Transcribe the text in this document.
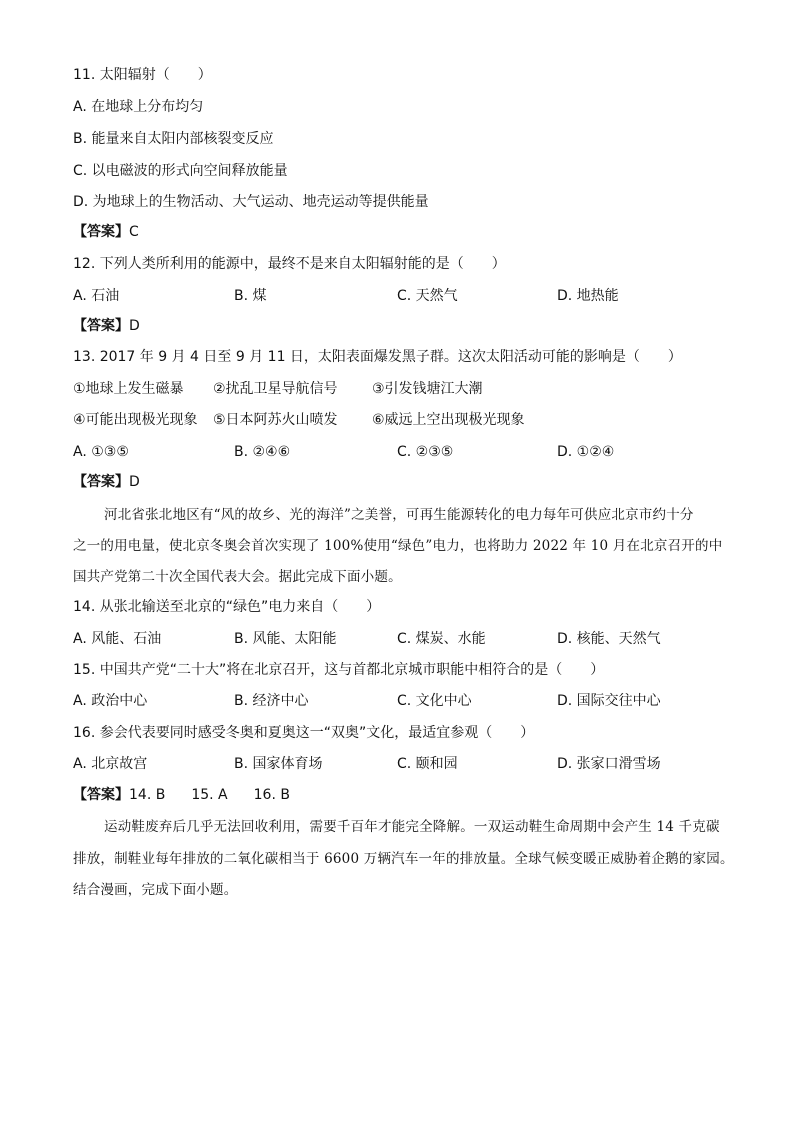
11. 太阳辐射（　　）
A. 在地球上分布均匀
B. 能量来自太阳内部核裂变反应
C. 以电磁波的形式向空间释放能量
D. 为地球上的生物活动、大气运动、地壳运动等提供能量
【答案】C
12. 下列人类所利用的能源中，最终不是来自太阳辐射能的是（　　）
A. 石油	B. 煤	C. 天然气	D. 地热能
【答案】D
13. 2017 年 9 月 4 日至 9 月 11 日，太阳表面爆发黑子群。这次太阳活动可能的影响是（　　）
①地球上发生磁暴 ②扰乱卫星导航信号 ③引发钱塘江大潮
④可能出现极光现象 ⑤日本阿苏火山喷发 ⑥威远上空出现极光现象
A. ①③⑤	B. ②④⑥	C. ②③⑤	D. ①②④
【答案】D
河北省张北地区有“风的故乡、光的海洋”之美誉，可再生能源转化的电力每年可供应北京市约十分
之一的用电量，使北京冬奥会首次实现了 100%使用“绿色”电力，也将助力 2022 年 10 月在北京召开的中
国共产党第二十次全国代表大会。据此完成下面小题。
14. 从张北输送至北京的“绿色”电力来自（　　）
A. 风能、石油	B. 风能、太阳能	C. 煤炭、水能	D. 核能、天然气
15. 中国共产党“二十大”将在北京召开，这与首都北京城市职能中相符合的是（　　）
A. 政治中心	B. 经济中心	C. 文化中心	D. 国际交往中心
16. 参会代表要同时感受冬奥和夏奥这一“双奥”文化，最适宜参观（　　）
A. 北京故宫	B. 国家体育场	C. 颐和园	D. 张家口滑雪场
【答案】14. B 15. A 16. B
运动鞋废弃后几乎无法回收利用，需要千百年才能完全降解。一双运动鞋生命周期中会产生 14 千克碳
排放，制鞋业每年排放的二氧化碳相当于 6600 万辆汽车一年的排放量。全球气候变暖正威胁着企鹅的家园。
结合漫画，完成下面小题。
